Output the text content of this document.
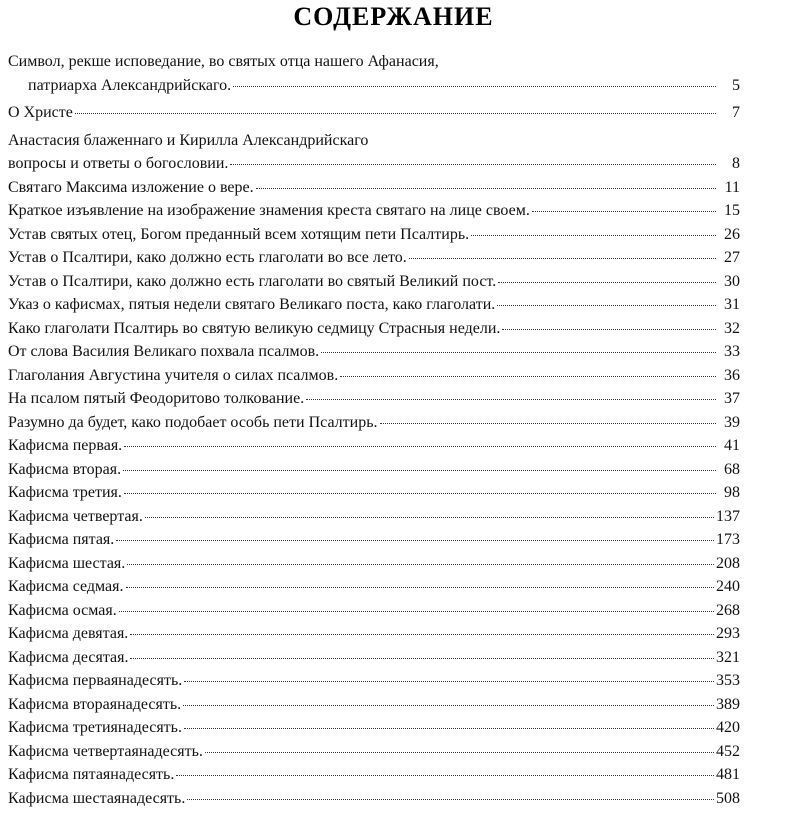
СОДЕРЖАНИЕ
Символ, рекше исповедание, во святых отца нашего Афанасия,
патриарха Александрийскаго.	5
О Христе	7
Анастасия блаженнаго и Кирилла Александрийскаго
вопросы и ответы о богословии.	8
Святаго Максима изложение о вере.	11
Краткое изъявление на изображение знамения креста святаго на лице своем.	15
Устав святых отец, Богом преданный всем хотящим пети Псалтирь.	26
Устав о Псалтири, како должно есть глаголати во все лето.	27
Устав о Псалтири, како должно есть глаголати во святый Великий пост.	30
Указ о кафисмах, пятыя недели святаго Великаго поста, како глаголати.	31
Како глаголати Псалтирь во святую великую седмицу Страсныя недели.	32
От слова Василия Великаго похвала псалмов.	33
Глаголания Августина учителя о силах псалмов.	36
На псалом пятый Феодоритово толкование.	37
Разумно да будет, како подобает особь пети Псалтирь.	39
Кафисма первая.	41
Кафисма вторая.	68
Кафисма третия.	98
Кафисма четвертая.	137
Кафисма пятая.	173
Кафисма шестая.	208
Кафисма седмая.	240
Кафисма осмая.	268
Кафисма девятая.	293
Кафисма десятая.	321
Кафисма перваянадесять.	353
Кафисма втораянадесять.	389
Кафисма третиянадесять.	420
Кафисма четвертаянадесять.	452
Кафисма пятаянадесять.	481
Кафисма шестаянадесять.	508
